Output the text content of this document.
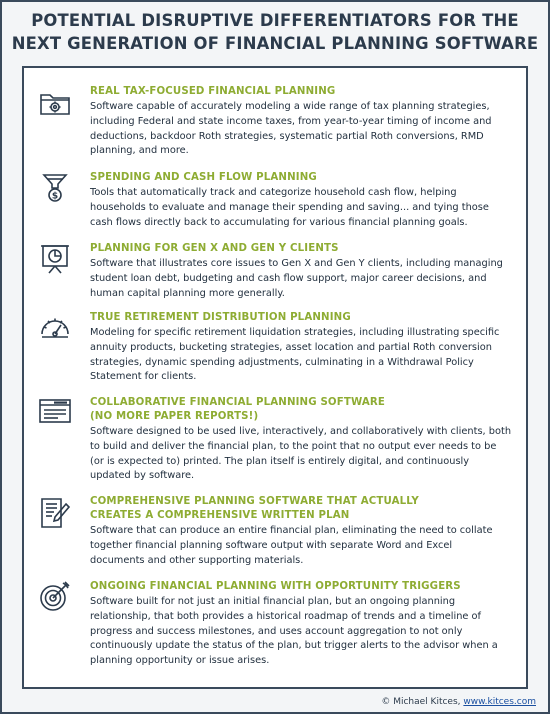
POTENTIAL DISRUPTIVE DIFFERENTIATORS FOR THE
NEXT GENERATION OF FINANCIAL PLANNING SOFTWARE
REAL TAX-FOCUSED FINANCIAL PLANNING
Software capable of accurately modeling a wide range of tax planning strategies,
including Federal and state income taxes, from year-to-year timing of income and
deductions, backdoor Roth strategies, systematic partial Roth conversions, RMD
planning, and more.
$
SPENDING AND CASH FLOW PLANNING
Tools that automatically track and categorize household cash flow, helping
households to evaluate and manage their spending and saving... and tying those
cash flows directly back to accumulating for various financial planning goals.
PLANNING FOR GEN X AND GEN Y CLIENTS
Software that illustrates core issues to Gen X and Gen Y clients, including managing
student loan debt, budgeting and cash flow support, major career decisions, and
human capital planning more generally.
TRUE RETIREMENT DISTRIBUTION PLANNING
Modeling for specific retirement liquidation strategies, including illustrating specific
annuity products, bucketing strategies, asset location and partial Roth conversion
strategies, dynamic spending adjustments, culminating in a Withdrawal Policy
Statement for clients.
COLLABORATIVE FINANCIAL PLANNING SOFTWARE
(NO MORE PAPER REPORTS!)
Software designed to be used live, interactively, and collaboratively with clients, both
to build and deliver the financial plan, to the point that no output ever needs to be
(or is expected to) printed. The plan itself is entirely digital, and continuously
updated by software.
COMPREHENSIVE PLANNING SOFTWARE THAT ACTUALLY
CREATES A COMPREHENSIVE WRITTEN PLAN
Software that can produce an entire financial plan, eliminating the need to collate
together financial planning software output with separate Word and Excel
documents and other supporting materials.
ONGOING FINANCIAL PLANNING WITH OPPORTUNITY TRIGGERS
Software built for not just an initial financial plan, but an ongoing planning
relationship, that both provides a historical roadmap of trends and a timeline of
progress and success milestones, and uses account aggregation to not only
continuously update the status of the plan, but trigger alerts to the advisor when a
planning opportunity or issue arises.
© Michael Kitces, www.kitces.com
